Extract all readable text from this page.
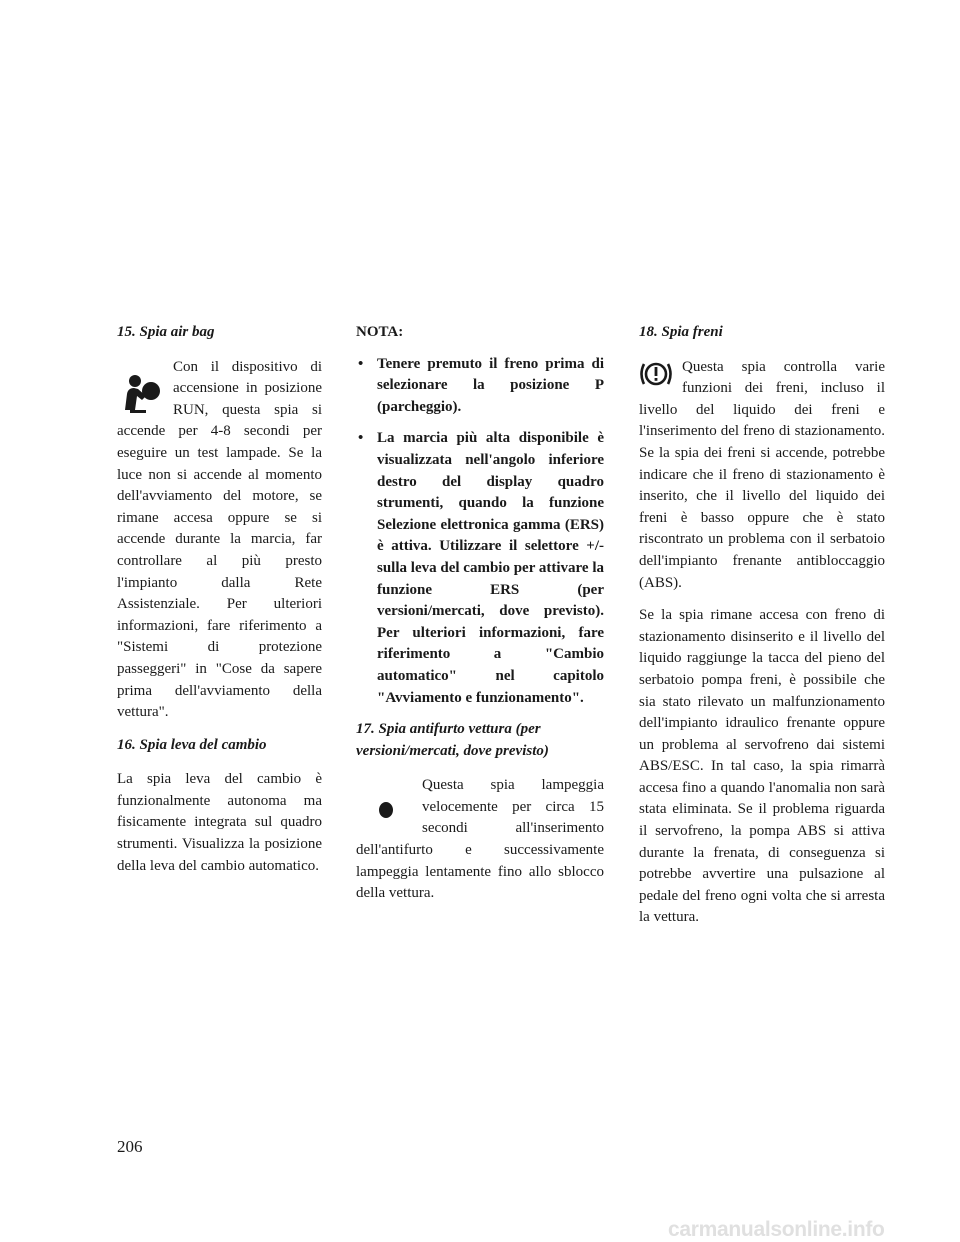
15. Spia air bag

Con il dispositivo di accensione in posizione RUN, questa spia si accende per 4-8 secondi per eseguire un test lampade. Se la luce non si accende al momento dell'avviamento del motore, se rimane accesa oppure se si accende durante la marcia, far controllare al più presto l'impianto dalla Rete Assistenziale. Per ulteriori informazioni, fare riferimento a "Sistemi di protezione passeggeri" in "Cose da sapere prima dell'avviamento della vettura".

16. Spia leva del cambio

La spia leva del cambio è funzionalmente autonoma ma fisicamente integrata sul quadro strumenti. Visualizza la posizione della leva del cambio automatico.

NOTA:
• Tenere premuto il freno prima di selezionare la posizione P (parcheggio).
• La marcia più alta disponibile è visualizzata nell'angolo inferiore destro del display quadro strumenti, quando la funzione Selezione elettronica gamma (ERS) è attiva. Utilizzare il selettore +/- sulla leva del cambio per attivare la funzione ERS (per versioni/mercati, dove previsto). Per ulteriori informazioni, fare riferimento a "Cambio automatico" nel capitolo "Avviamento e funzionamento".
17. Spia antifurto vettura (per versioni/mercati, dove previsto)

Questa spia lampeggia velocemente per circa 15 secondi all'inserimento dell'antifurto e successivamente lampeggia lentamente fino allo sblocco della vettura.

18. Spia freni

Questa spia controlla varie funzioni dei freni, incluso il livello del liquido dei freni e l'inserimento del freno di stazionamento. Se la spia dei freni si accende, potrebbe indicare che il freno di stazionamento è inserito, che il livello del liquido dei freni è basso oppure che è stato riscontrato un problema con il serbatoio dell'impianto frenante antibloccaggio (ABS).

Se la spia rimane accesa con freno di stazionamento disinserito e il livello del liquido raggiunge la tacca del pieno del serbatoio pompa freni, è possibile che sia stato rilevato un malfunzionamento dell'impianto idraulico frenante oppure un problema al servofreno dai sistemi ABS/ESC. In tal caso, la spia rimarrà accesa fino a quando l'anomalia non sarà stata eliminata. Se il problema riguarda il servofreno, la pompa ABS si attiva durante la frenata, di conseguenza si potrebbe avvertire una pulsazione al pedale del freno ogni volta che si arresta la vettura.

206
carmanualsonline.info
